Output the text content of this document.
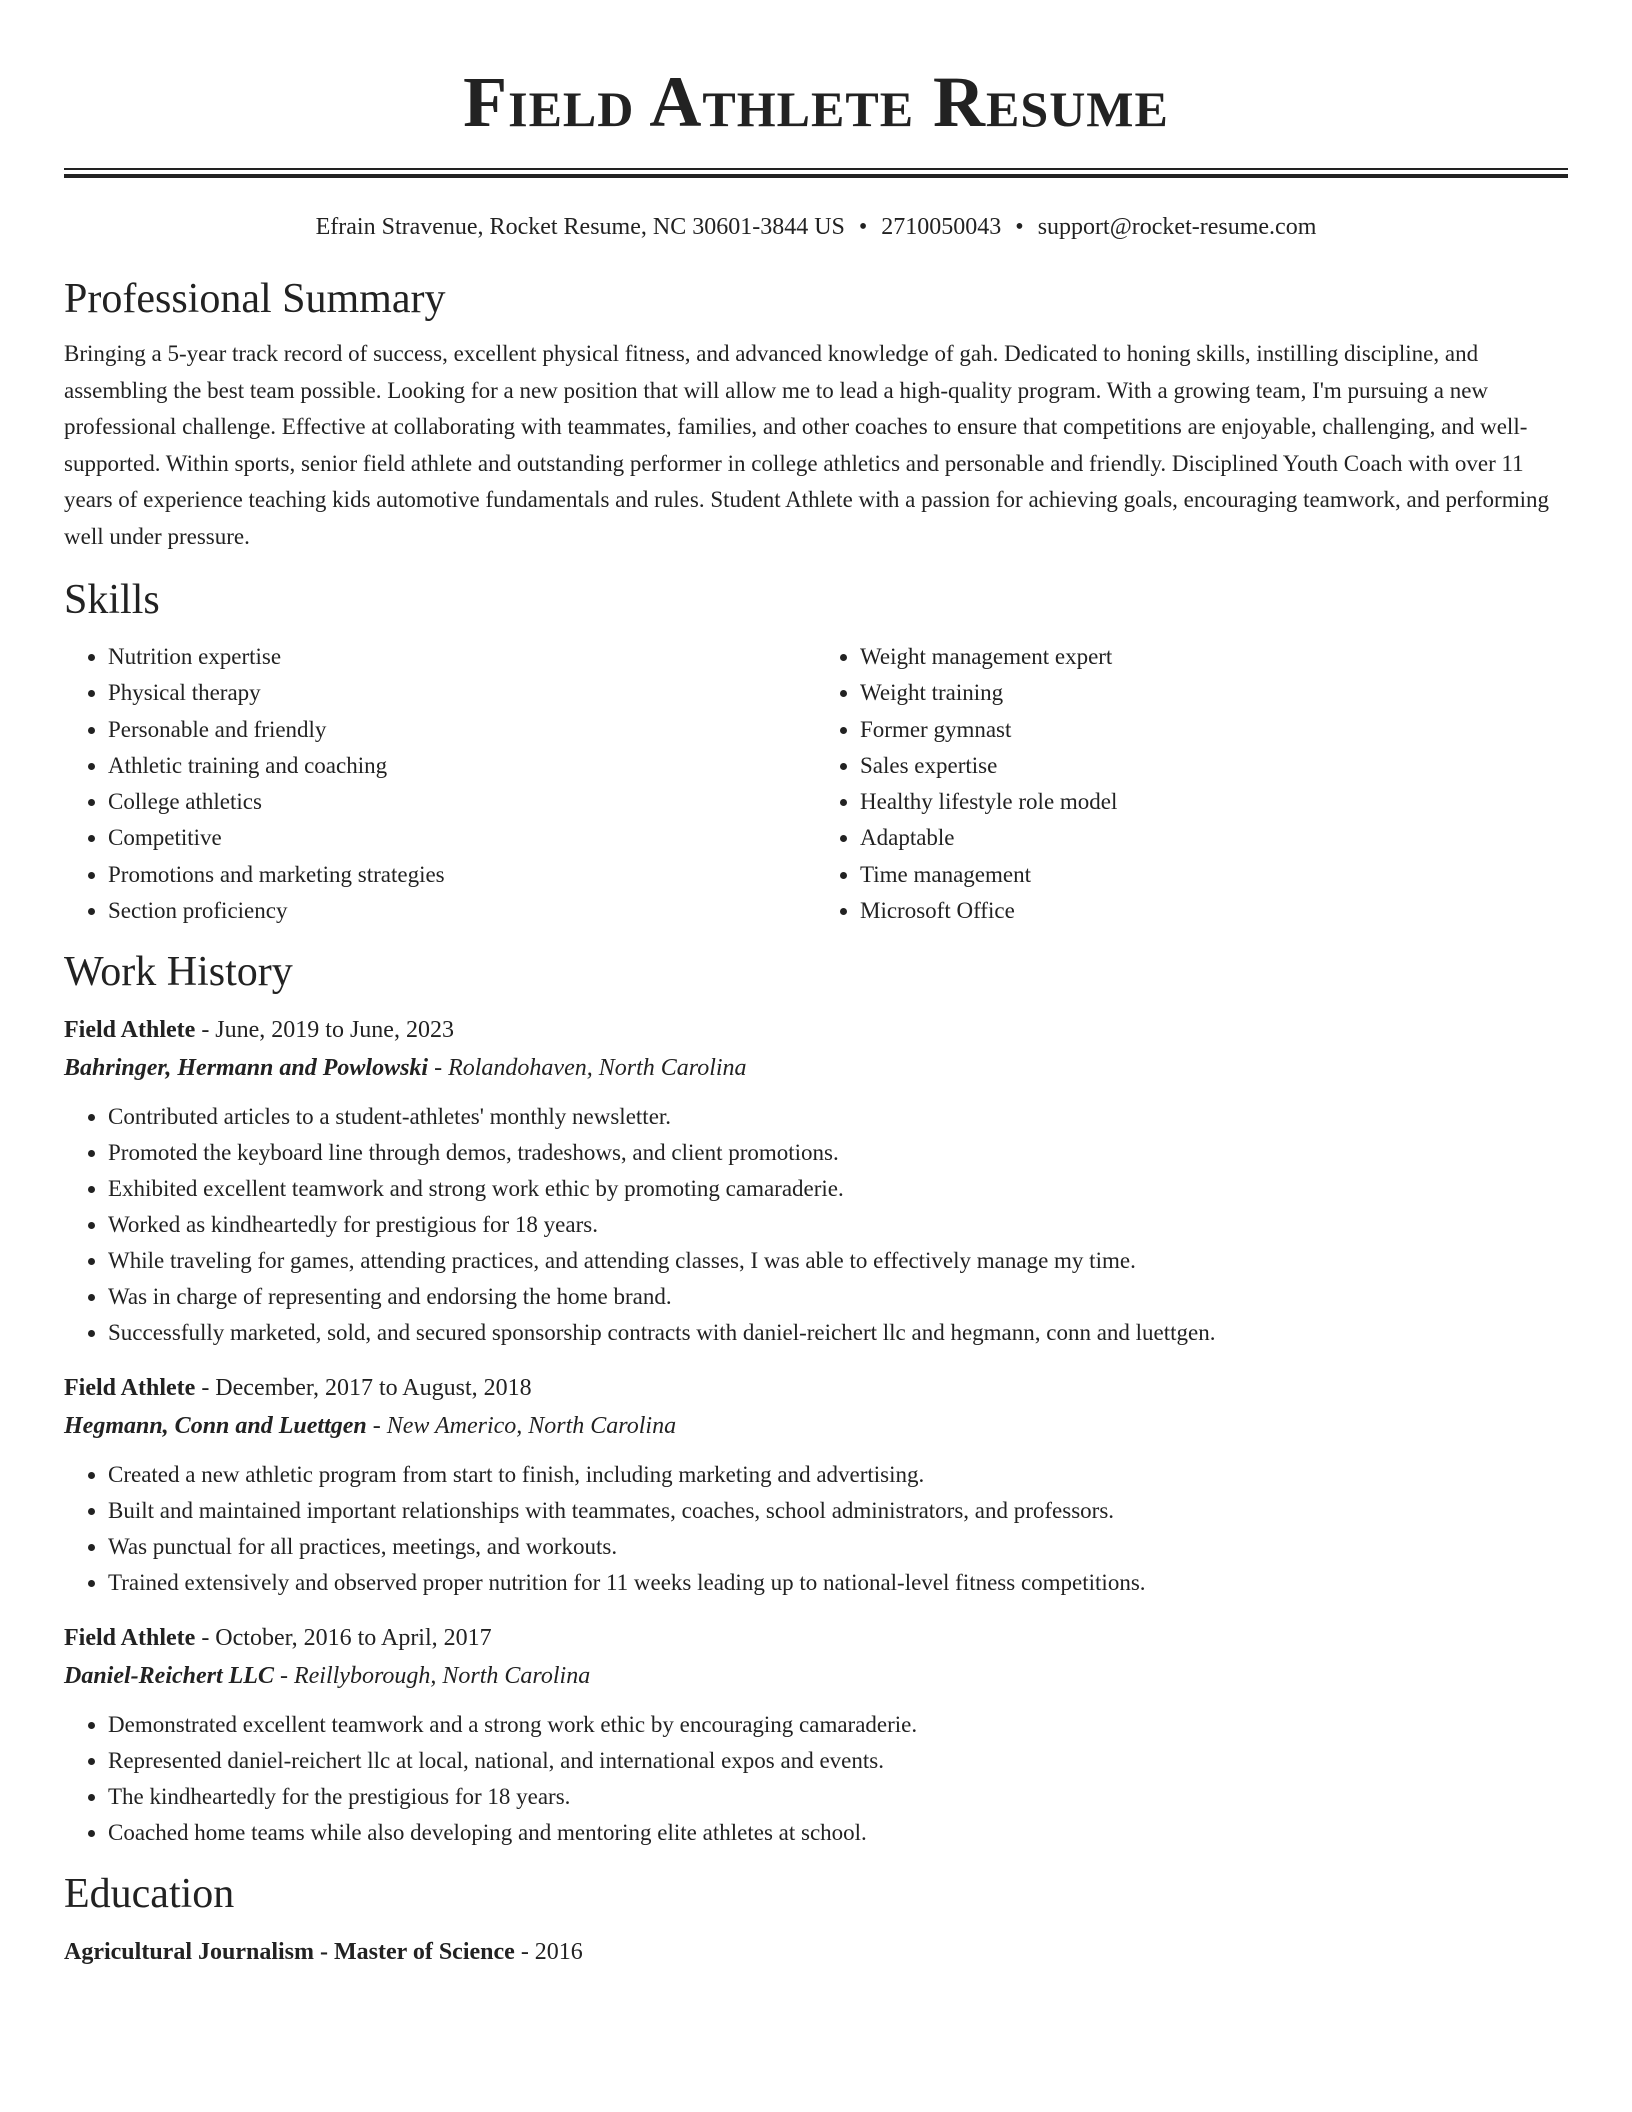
Field Athlete Resume
Efrain Stravenue, Rocket Resume, NC 30601-3844 US • 2710050043 • support@rocket-resume.com
Professional Summary
Bringing a 5-year track record of success, excellent physical fitness, and advanced knowledge of gah. Dedicated to honing skills, instilling discipline, and assembling the best team possible. Looking for a new position that will allow me to lead a high-quality program. With a growing team, I'm pursuing a new professional challenge. Effective at collaborating with teammates, families, and other coaches to ensure that competitions are enjoyable, challenging, and well-supported. Within sports, senior field athlete and outstanding performer in college athletics and personable and friendly. Disciplined Youth Coach with over 11 years of experience teaching kids automotive fundamentals and rules. Student Athlete with a passion for achieving goals, encouraging teamwork, and performing well under pressure.
Skills
• Nutrition expertise
• Physical therapy
• Personable and friendly
• Athletic training and coaching
• College athletics
• Competitive
• Promotions and marketing strategies
• Section proficiency
• Weight management expert
• Weight training
• Former gymnast
• Sales expertise
• Healthy lifestyle role model
• Adaptable
• Time management
• Microsoft Office
Work History
Field Athlete - June, 2019 to June, 2023
Bahringer, Hermann and Powlowski - Rolandohaven, North Carolina
• Contributed articles to a student-athletes' monthly newsletter.
• Promoted the keyboard line through demos, tradeshows, and client promotions.
• Exhibited excellent teamwork and strong work ethic by promoting camaraderie.
• Worked as kindheartedly for prestigious for 18 years.
• While traveling for games, attending practices, and attending classes, I was able to effectively manage my time.
• Was in charge of representing and endorsing the home brand.
• Successfully marketed, sold, and secured sponsorship contracts with daniel-reichert llc and hegmann, conn and luettgen.
Field Athlete - December, 2017 to August, 2018
Hegmann, Conn and Luettgen - New Americo, North Carolina
• Created a new athletic program from start to finish, including marketing and advertising.
• Built and maintained important relationships with teammates, coaches, school administrators, and professors.
• Was punctual for all practices, meetings, and workouts.
• Trained extensively and observed proper nutrition for 11 weeks leading up to national-level fitness competitions.
Field Athlete - October, 2016 to April, 2017
Daniel-Reichert LLC - Reillyborough, North Carolina
• Demonstrated excellent teamwork and a strong work ethic by encouraging camaraderie.
• Represented daniel-reichert llc at local, national, and international expos and events.
• The kindheartedly for the prestigious for 18 years.
• Coached home teams while also developing and mentoring elite athletes at school.
Education
Agricultural Journalism - Master of Science - 2016
